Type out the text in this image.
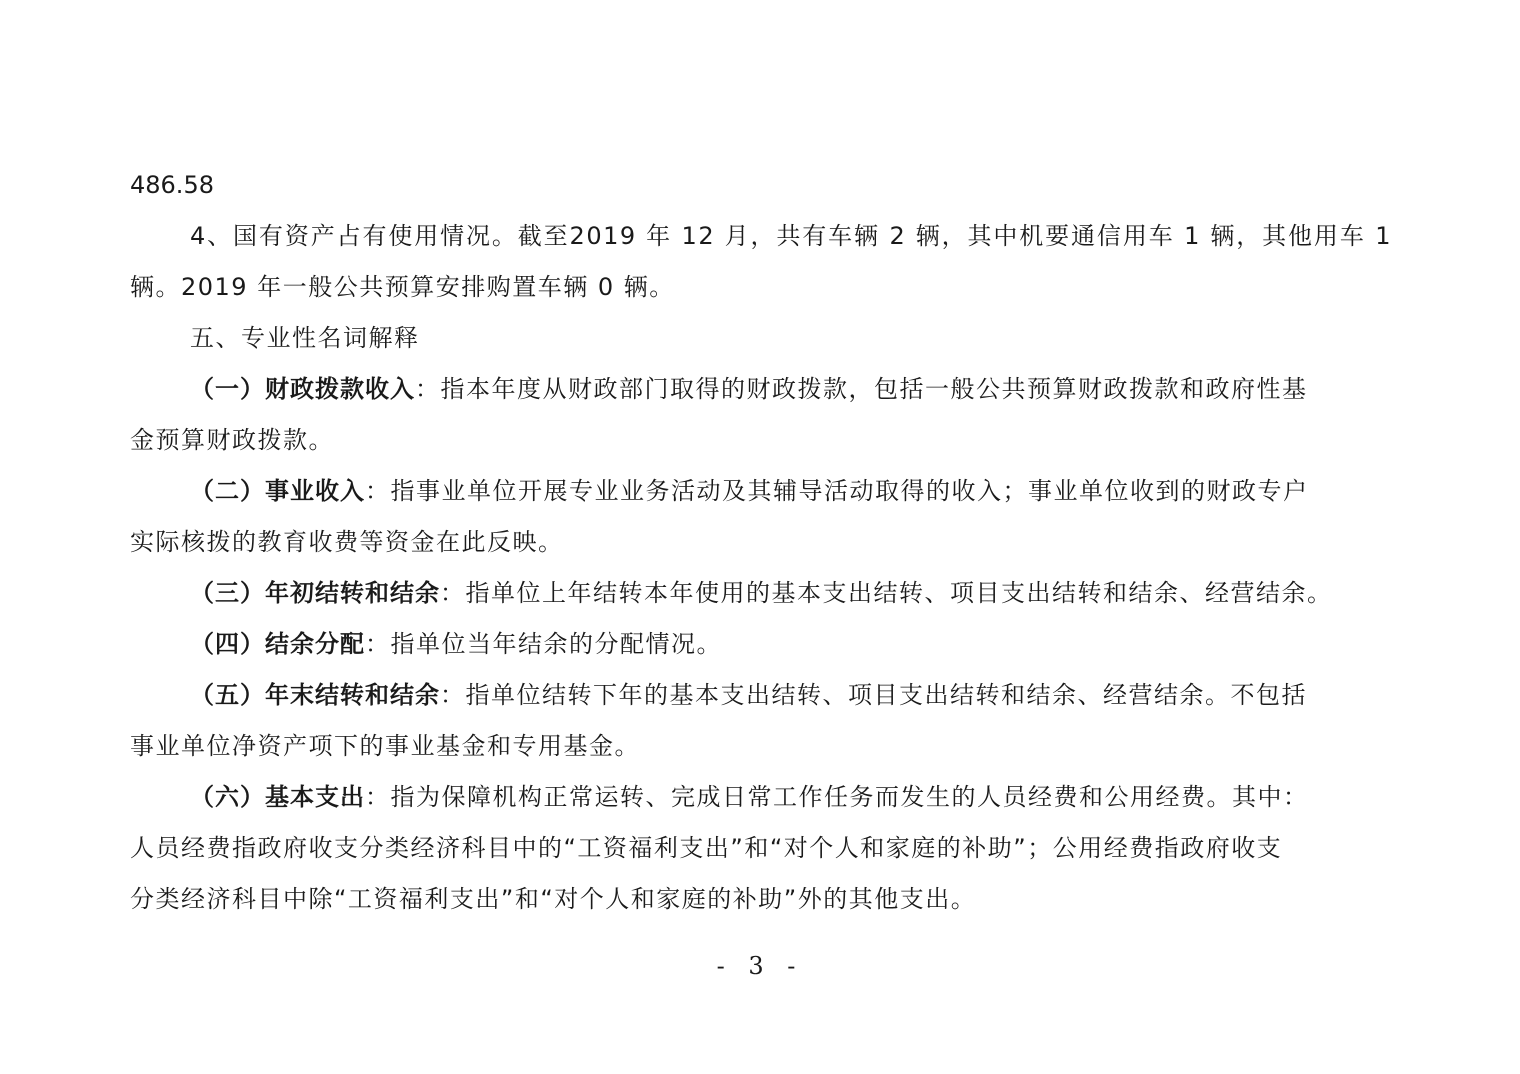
486.58
4、国有资产占有使用情况。截至2019 年 12 月，共有车辆 2 辆，其中机要通信用车 1 辆，其他用车 1
辆。2019 年一般公共预算安排购置车辆 0 辆。
五、专业性名词解释
（一）财政拨款收入：指本年度从财政部门取得的财政拨款，包括一般公共预算财政拨款和政府性基
金预算财政拨款。
（二）事业收入：指事业单位开展专业业务活动及其辅导活动取得的收入；事业单位收到的财政专户
实际核拨的教育收费等资金在此反映。
（三）年初结转和结余：指单位上年结转本年使用的基本支出结转、项目支出结转和结余、经营结余。
（四）结余分配：指单位当年结余的分配情况。
（五）年末结转和结余：指单位结转下年的基本支出结转、项目支出结转和结余、经营结余。不包括
事业单位净资产项下的事业基金和专用基金。
（六）基本支出：指为保障机构正常运转、完成日常工作任务而发生的人员经费和公用经费。其中：
人员经费指政府收支分类经济科目中的“工资福利支出”和“对个人和家庭的补助”；公用经费指政府收支
分类经济科目中除“工资福利支出”和“对个人和家庭的补助”外的其他支出。
- 3 -
